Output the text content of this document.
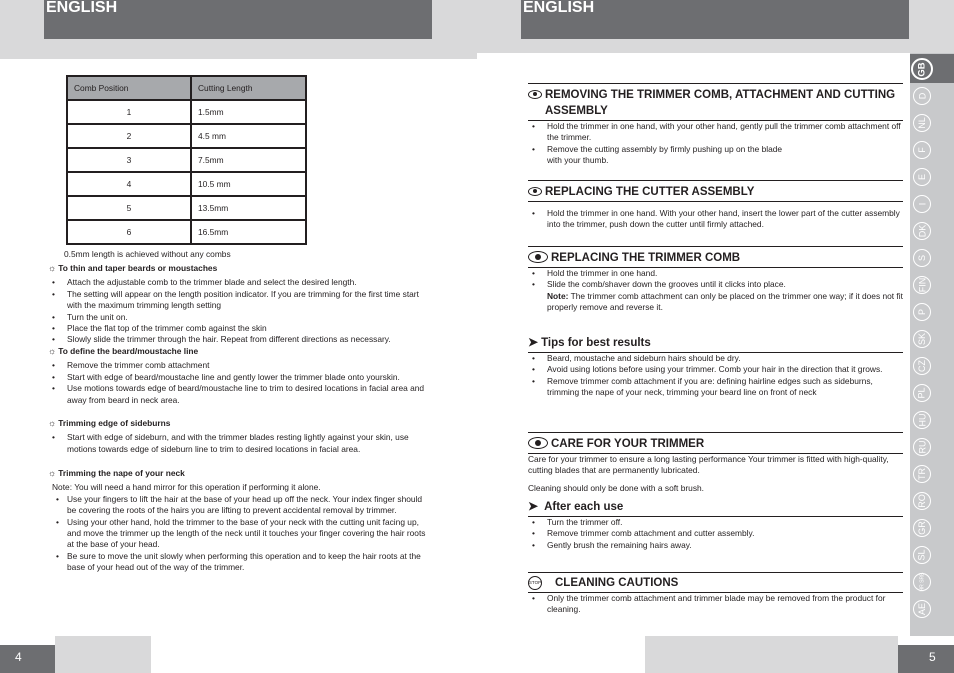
ENGLISH	ENGLISH
4	5
GB
D
NL
F
E
I
DK
S
FIN
P
SK
CZ
PL
HU
RU
TR
RO
GR
SL
HR SRB
AE
Comb Position	Cutting Length
1	1.5mm
2	4.5 mm
3	7.5mm
4	10.5 mm
5	13.5mm
6	16.5mm
0.5mm length is achieved without any combs
☼ To thin and taper beards or moustaches
•	Attach the adjustable comb to the trimmer blade and select the desired length.
•	The setting will appear on the length position indicator. If you are trimming for the first time start with the maximum trimming length setting
•	Turn the unit on.
•	Place the flat top of the trimmer comb against the skin
•	Slowly slide the trimmer through the hair. Repeat from different directions as necessary.
☼ To define the beard/moustache line
•	Remove the trimmer comb attachment
•	Start with edge of beard/moustache line and gently lower the trimmer blade onto yourskin.
•	Use motions towards edge of beard/moustache line to trim to desired locations in facial area and away from beard in neck area.
☼ Trimming edge of sideburns
•	Start with edge of sideburn, and with the trimmer blades resting lightly against your skin, use motions towards edge of sideburn line to trim to desired locations in facial area.
☼ Trimming the nape of your neck
Note: You will need a hand mirror for this operation if performing it alone.
• Use your fingers to lift the hair at the base of your head up off the neck. Your index finger should be covering the roots of the hairs you are lifting to prevent accidental removal by trimmer.
• Using your other hand, hold the trimmer to the base of your neck with the cutting unit facing up, and move the trimmer up the length of the neck until it touches your finger covering the hair roots at the base of your head.
• Be sure to move the unit slowly when performing this operation and to keep the hair roots at the base of your head out of the way of the trimmer.
REMOVING THE TRIMMER COMB, ATTACHMENT AND CUTTING ASSEMBLY
•	Hold the trimmer in one hand, with your other hand, gently pull the trimmer comb attachment off the trimmer.
•	Remove the cutting assembly by firmly pushing up on the blade with your thumb.
REPLACING THE CUTTER ASSEMBLY
•	Hold the trimmer in one hand. With your other hand, insert the lower part of the cutter assembly into the trimmer, push down the cutter until firmly attached.
REPLACING THE TRIMMER COMB
•	Hold the trimmer in one hand.
•	Slide the comb/shaver down the grooves until it clicks into place.
Note: The trimmer comb attachment can only be placed on the trimmer one way; if it does not fit properly remove and reverse it.
➤ Tips for best results
•	Beard, moustache and sideburn hairs should be dry.
•	Avoid using lotions before using your trimmer. Comb your hair in the direction that it grows.
•	Remove trimmer comb attachment if you are: defining hairline edges such as sideburns, trimming the nape of your neck, trimming your beard line on front of neck
CARE FOR YOUR TRIMMER
Care for your trimmer to ensure a long lasting performance Your trimmer is fitted with high-quality, cutting blades that are permanently lubricated.
Cleaning should only be done with a soft brush.
➤ After each use
•	Turn the trimmer off.
•	Remove trimmer comb attachment and cutter assembly.
•	Gently brush the remaining hairs away.
STOP CLEANING CAUTIONS
•	Only the trimmer comb attachment and trimmer blade may be removed from the product for cleaning.
